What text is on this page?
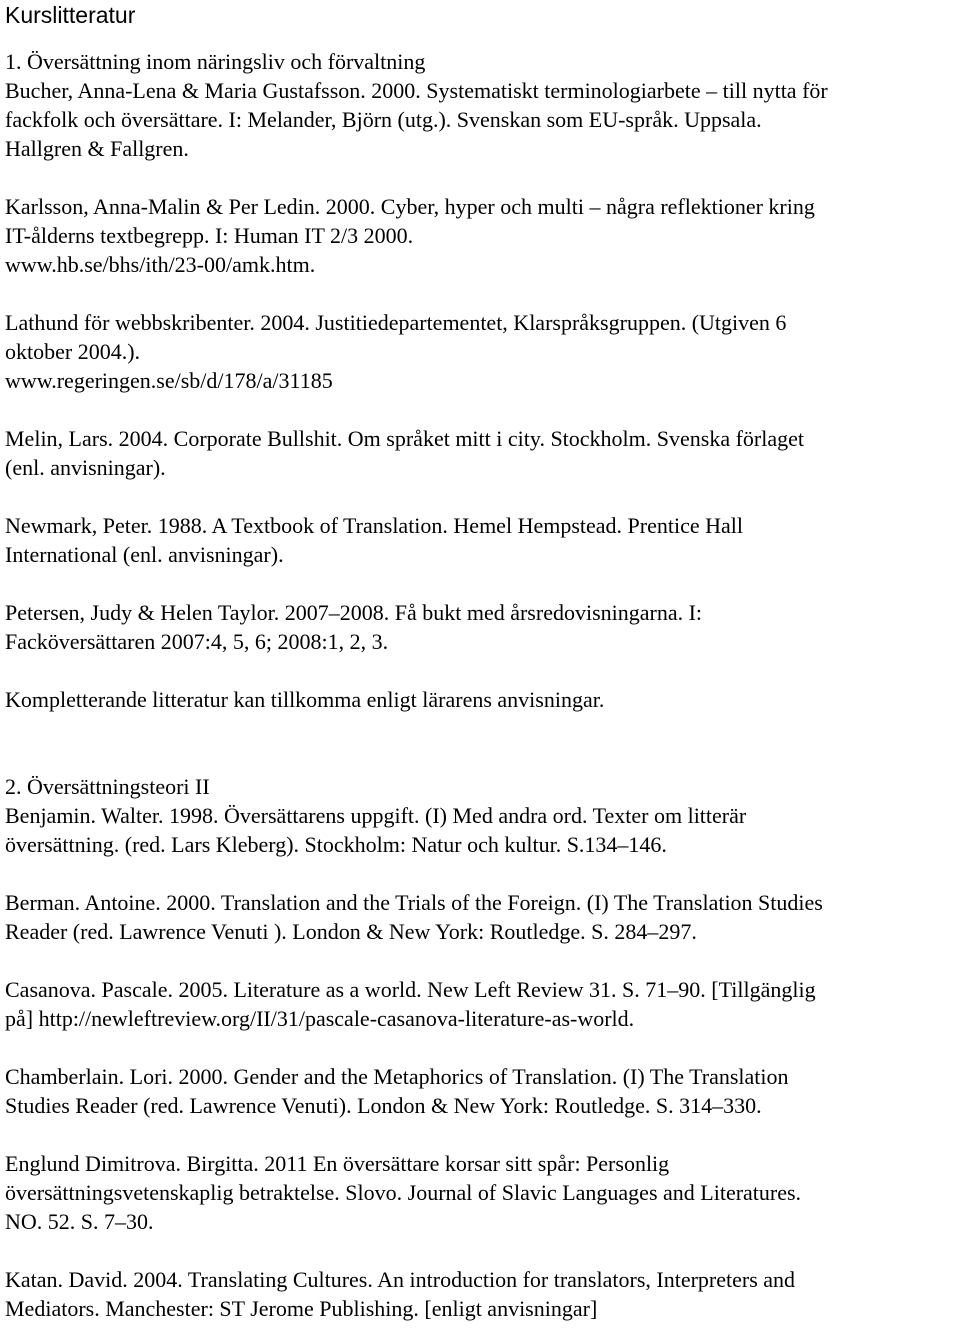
Kurslitteratur
1. Översättning inom näringsliv och förvaltning

Bucher, Anna-Lena & Maria Gustafsson. 2000. Systematiskt terminologiarbete – till nytta för
fackfolk och översättare. I: Melander, Björn (utg.). Svenskan som EU-språk. Uppsala.
Hallgren & Fallgren.

Karlsson, Anna-Malin & Per Ledin. 2000. Cyber, hyper och multi – några reflektioner kring
IT-ålderns textbegrepp. I: Human IT 2/3 2000.
www.hb.se/bhs/ith/23-00/amk.htm.

Lathund för webbskribenter. 2004. Justitiedepartementet, Klarspråksgruppen. (Utgiven 6
oktober 2004.).
www.regeringen.se/sb/d/178/a/31185

Melin, Lars. 2004. Corporate Bullshit. Om språket mitt i city. Stockholm. Svenska förlaget
(enl. anvisningar).

Newmark, Peter. 1988. A Textbook of Translation. Hemel Hempstead. Prentice Hall
International (enl. anvisningar).

Petersen, Judy & Helen Taylor. 2007–2008. Få bukt med årsredovisningarna. I:
Facköversättaren 2007:4, 5, 6; 2008:1, 2, 3.

Kompletterande litteratur kan tillkomma enligt lärarens anvisningar.

2. Översättningsteori II

Benjamin. Walter. 1998. Översättarens uppgift. (I) Med andra ord. Texter om litterär
översättning. (red. Lars Kleberg). Stockholm: Natur och kultur. S.134–146.

Berman. Antoine. 2000. Translation and the Trials of the Foreign. (I) The Translation Studies
Reader (red. Lawrence Venuti ). London & New York: Routledge. S. 284–297.

Casanova. Pascale. 2005. Literature as a world. New Left Review 31. S. 71–90. [Tillgänglig
på] http://newleftreview.org/II/31/pascale-casanova-literature-as-world.

Chamberlain. Lori. 2000. Gender and the Metaphorics of Translation. (I) The Translation
Studies Reader (red. Lawrence Venuti). London & New York: Routledge. S. 314–330.

Englund Dimitrova. Birgitta. 2011 En översättare korsar sitt spår: Personlig
översättningsvetenskaplig betraktelse. Slovo. Journal of Slavic Languages and Literatures.
NO. 52. S. 7–30.

Katan. David. 2004. Translating Cultures. An introduction for translators, Interpreters and
Mediators. Manchester: ST Jerome Publishing. [enligt anvisningar]
